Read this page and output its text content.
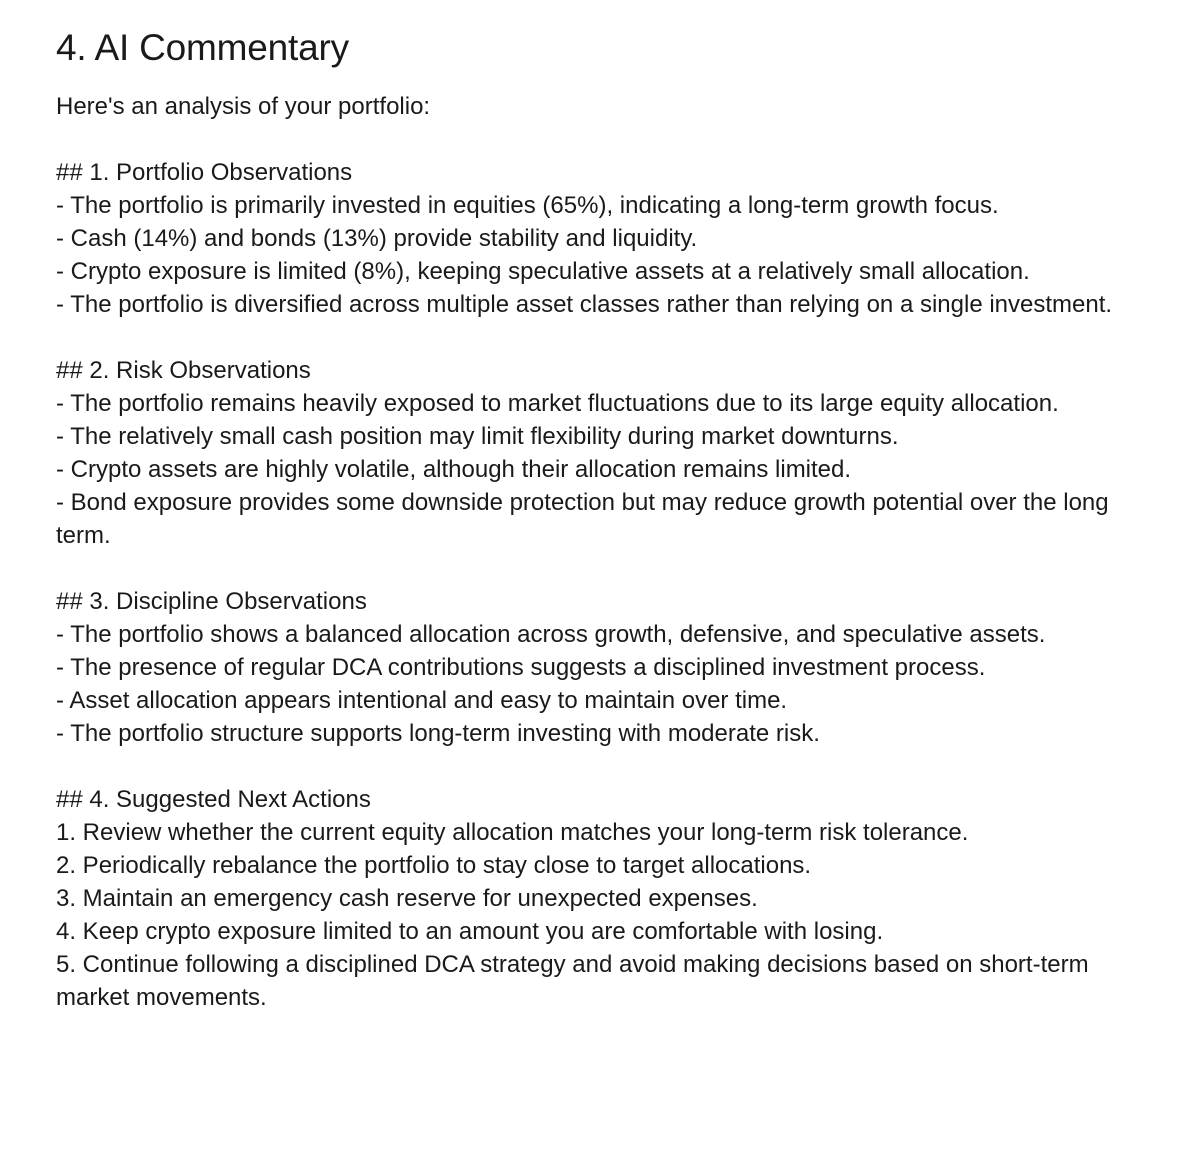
4. AI Commentary

Here's an analysis of your portfolio:

## 1. Portfolio Observations

- The portfolio is primarily invested in equities (65%), indicating a long-term growth focus.
- Cash (14%) and bonds (13%) provide stability and liquidity.
- Crypto exposure is limited (8%), keeping speculative assets at a relatively small allocation.
- The portfolio is diversified across multiple asset classes rather than relying on a single investment.

## 2. Risk Observations

- The portfolio remains heavily exposed to market fluctuations due to its large equity allocation.
- The relatively small cash position may limit flexibility during market downturns.
- Crypto assets are highly volatile, although their allocation remains limited.
- Bond exposure provides some downside protection but may reduce growth potential over the long term.

## 3. Discipline Observations

- The portfolio shows a balanced allocation across growth, defensive, and speculative assets.
- The presence of regular DCA contributions suggests a disciplined investment process.
- Asset allocation appears intentional and easy to maintain over time.
- The portfolio structure supports long-term investing with moderate risk.

## 4. Suggested Next Actions

1. Review whether the current equity allocation matches your long-term risk tolerance.
2. Periodically rebalance the portfolio to stay close to target allocations.
3. Maintain an emergency cash reserve for unexpected expenses.
4. Keep crypto exposure limited to an amount you are comfortable with losing.
5. Continue following a disciplined DCA strategy and avoid making decisions based on short-term market movements.
